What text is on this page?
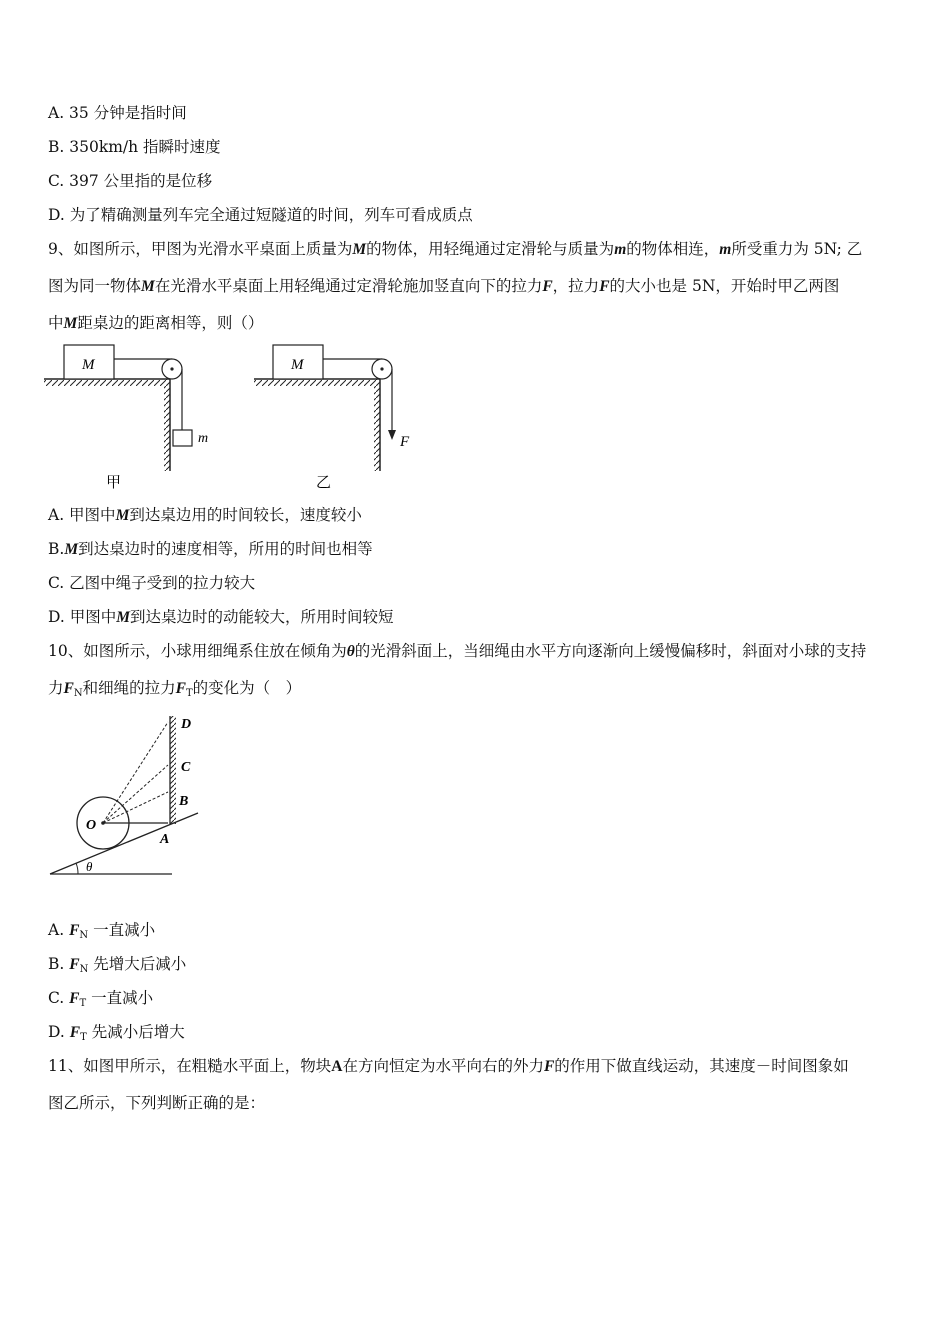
A. 35 分钟是指时间
B. 350km/h 指瞬时速度
C. 397 公里指的是位移
D. 为了精确测量列车完全通过短隧道的时间，列车可看成质点
9、如图所示，甲图为光滑水平桌面上质量为M的物体，用轻绳通过定滑轮与质量为m的物体相连，m所受重力为 5N; 乙
图为同一物体M在光滑水平桌面上用轻绳通过定滑轮施加竖直向下的拉力F，拉力F的大小也是 5N，开始时甲乙两图
中M距桌边的距离相等，则（）
M
m
甲
M
F
乙
A. 甲图中M到达桌边用的时间较长，速度较小
B.M到达桌边时的速度相等，所用的时间也相等
C. 乙图中绳子受到的拉力较大
D. 甲图中M到达桌边时的动能较大，所用时间较短
10、如图所示，小球用细绳系住放在倾角为θ的光滑斜面上，当细绳由水平方向逐渐向上缓慢偏移时，斜面对小球的支持
力$F_N$和细绳的拉力$F_T$的变化为（　）
D
C
B
A
O
θ
A. $F_N$ 一直减小
B. $F_N$ 先增大后减小
C. $F_T$ 一直减小
D. $F_T$ 先减小后增大
11、如图甲所示，在粗糙水平面上，物块A在方向恒定为水平向右的外力F的作用下做直线运动，其速度－时间图象如
图乙所示，下列判断正确的是：
